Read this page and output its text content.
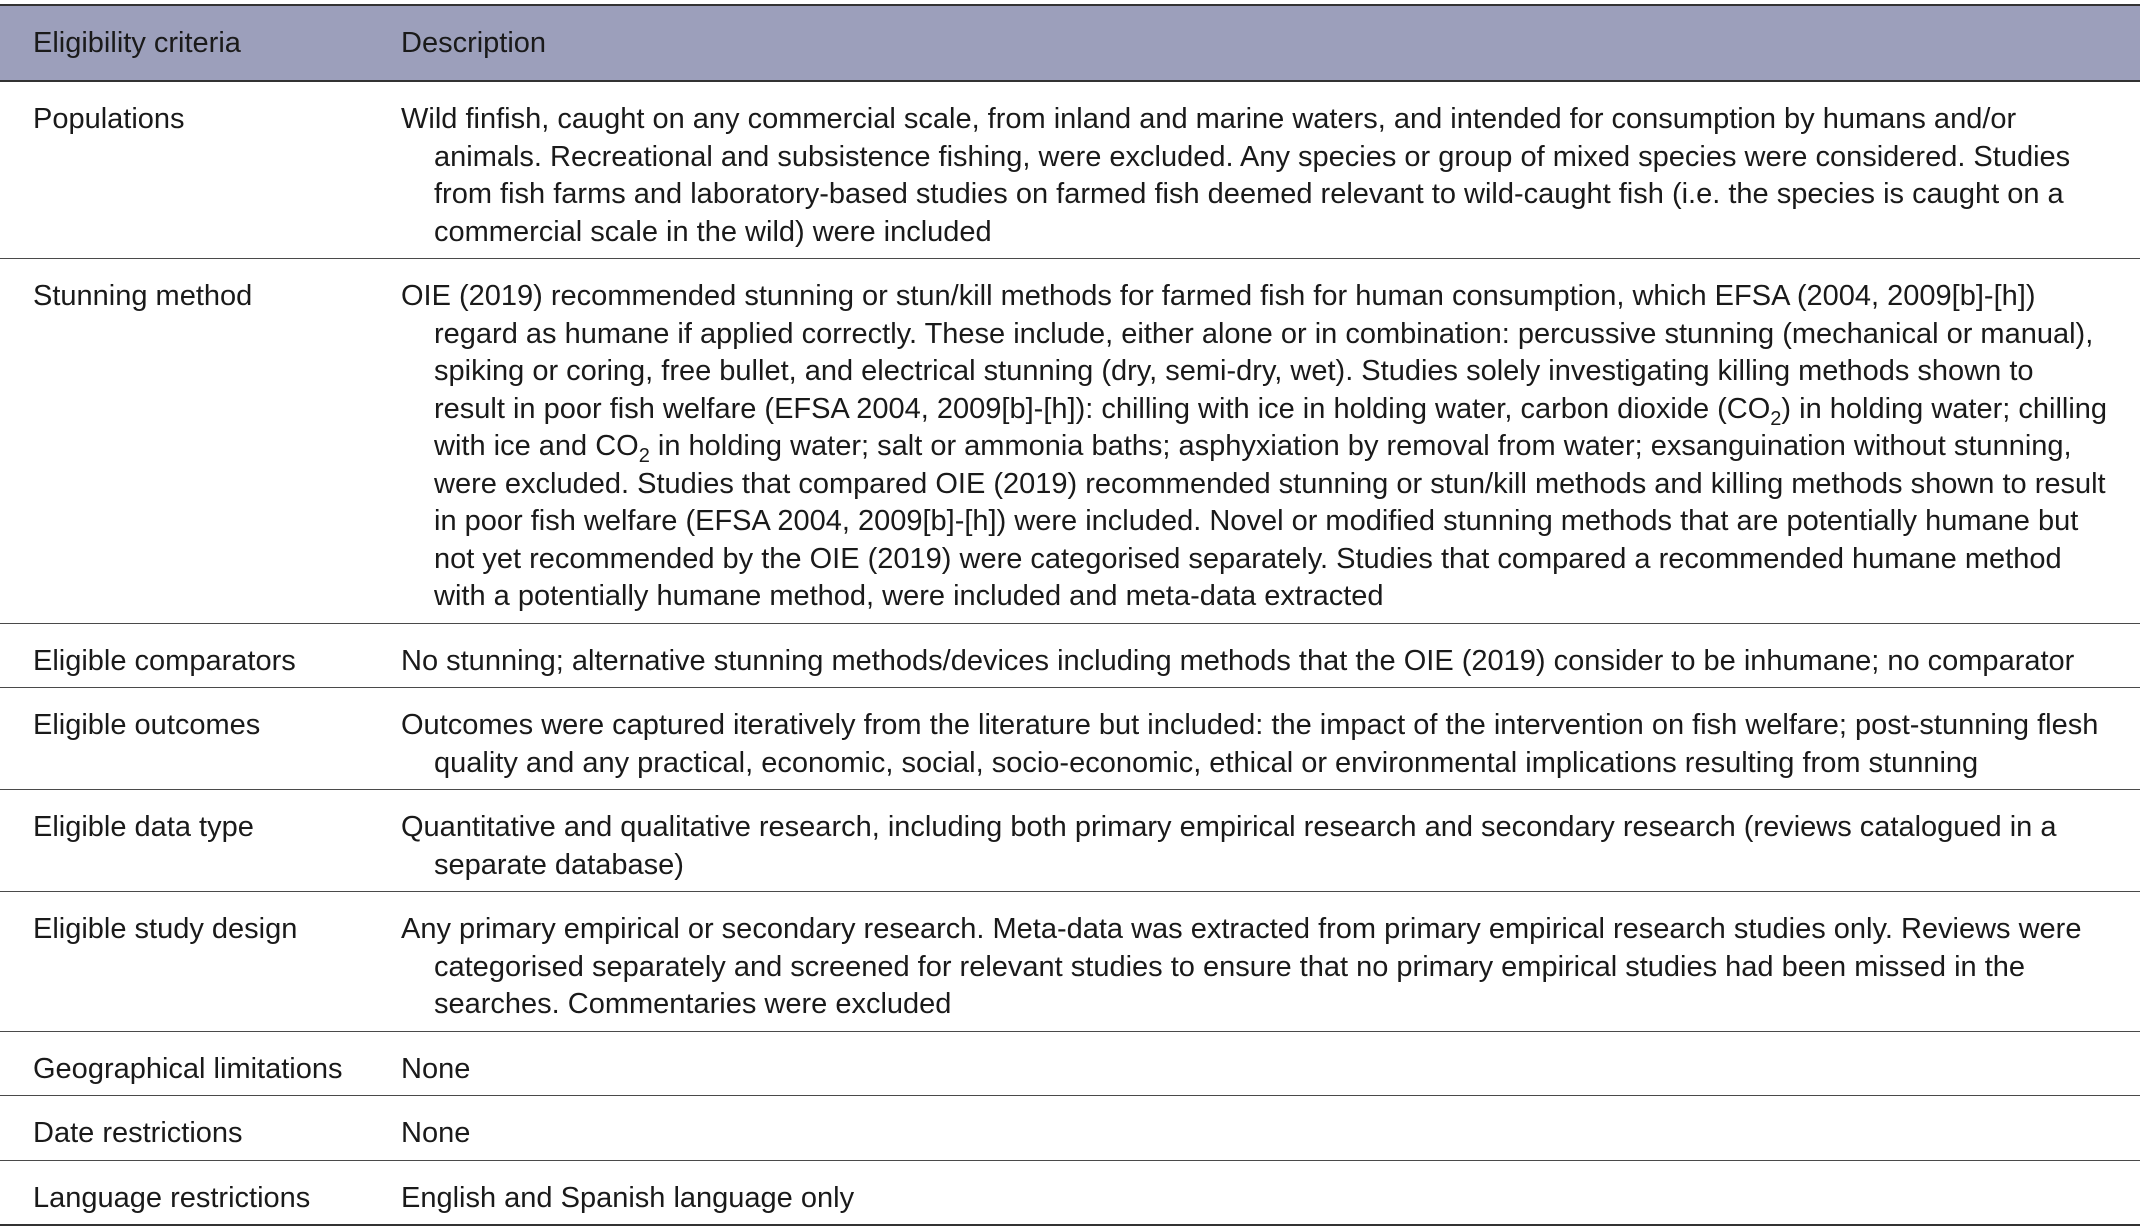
Eligibility criteria	Description
Populations	Wild finfish, caught on any commercial scale, from inland and marine waters, and intended for consumption by humans and/or animals. Recreational and subsistence fishing, were excluded. Any species or group of mixed species were considered. Studies from fish farms and laboratory-based studies on farmed fish deemed relevant to wild-caught fish (i.e. the species is caught on a commercial scale in the wild) were included

Stunning method	OIE (2019) recommended stunning or stun/kill methods for farmed fish for human consumption, which EFSA (2004, 2009[b]-[h]) regard as humane if applied correctly. These include, either alone or in combination: percussive stunning (mechanical or manual), spiking or coring, free bullet, and electrical stunning (dry, semi-dry, wet). Studies solely investigating killing methods shown to result in poor fish welfare (EFSA 2004, 2009[b]-[h]): chilling with ice in holding water, carbon dioxide $(CO_2)$ in holding water; chilling with ice and $CO_2$ in holding water; salt or ammonia baths; asphyxiation by removal from water; exsanguination without stunning, were excluded. Studies that compared OIE (2019) recommended stunning or stun/kill methods and killing methods shown to result in poor fish welfare (EFSA 2004, 2009[b]-[h]) were included. Novel or modified stunning methods that are potentially humane but not yet recommended by the OIE (2019) were categorised separately. Studies that compared a recommended humane method with a potentially humane method, were included and meta-data extracted

Eligible comparators	No stunning; alternative stunning methods/devices including methods that the OIE (2019) consider to be inhumane; no comparator

Eligible outcomes	Outcomes were captured iteratively from the literature but included: the impact of the intervention on fish welfare; post-stunning flesh quality and any practical, economic, social, socio-economic, ethical or environmental implications resulting from stunning

Eligible data type	Quantitative and qualitative research, including both primary empirical research and secondary research (reviews catalogued in a separate database)

Eligible study design	Any primary empirical or secondary research. Meta-data was extracted from primary empirical research studies only. Reviews were categorised separately and screened for relevant studies to ensure that no primary empirical studies had been missed in the searches. Commentaries were excluded

Geographical limitations	None

Date restrictions	None

Language restrictions	English and Spanish language only
